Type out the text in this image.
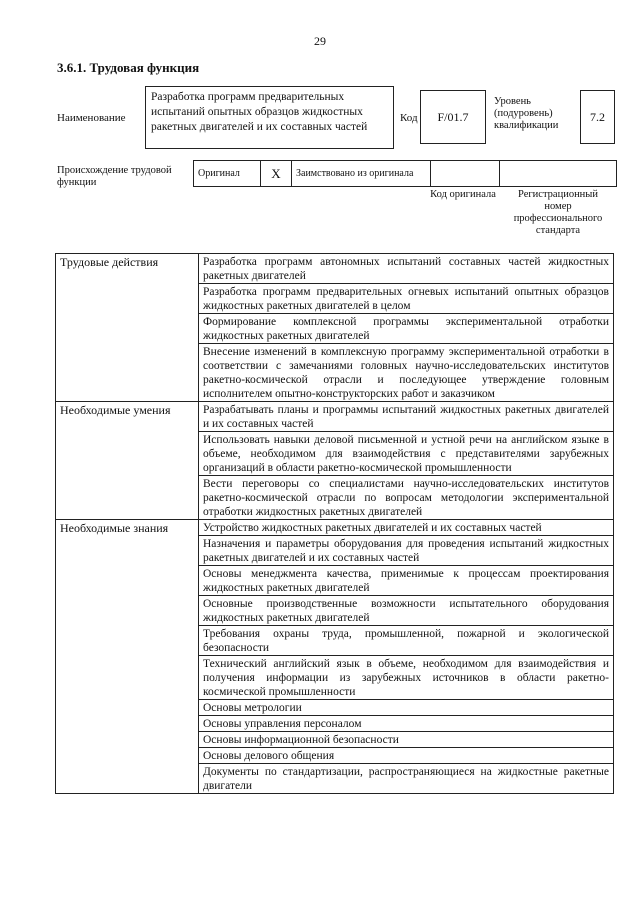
29
3.6.1. Трудовая функция
Наименование
Разработка программ предварительных испытаний опытных образцов жидкостных ракетных двигателей и их составных частей
Код	F/01.7
Уровень (подуровень) квалификации
7.2
Происхождение трудовой функции
Оригинал	X	Заимствовано из оригинала		
Код оригинала	Регистрационный номер профессионального стандарта
Трудовые действия	Разработка программ автономных испытаний составных частей жидкостных ракетных двигателей
	Разработка программ предварительных огневых испытаний опытных образцов жидкостных ракетных двигателей в целом
	Формирование комплексной программы экспериментальной отработки жидкостных ракетных двигателей
	Внесение изменений в комплексную программу экспериментальной отработки в соответствии с замечаниями головных научно-исследовательских институтов ракетно-космической отрасли и последующее утверждение головным исполнителем опытно-конструкторских работ и заказчиком
Необходимые умения	Разрабатывать планы и программы испытаний жидкостных ракетных двигателей и их составных частей
	Использовать навыки деловой письменной и устной речи на английском языке в объеме, необходимом для взаимодействия с представителями зарубежных организаций в области ракетно-космической промышленности
	Вести переговоры со специалистами научно-исследовательских институтов ракетно-космической отрасли по вопросам методологии экспериментальной отработки жидкостных ракетных двигателей
Необходимые знания	Устройство жидкостных ракетных двигателей и их составных частей
	Назначения и параметры оборудования для проведения испытаний жидкостных ракетных двигателей и их составных частей
	Основы менеджмента качества, применимые к процессам проектирования жидкостных ракетных двигателей
	Основные производственные возможности испытательного оборудования жидкостных ракетных двигателей
	Требования охраны труда, промышленной, пожарной и экологической безопасности
	Технический английский язык в объеме, необходимом для взаимодействия и получения информации из зарубежных источников в области ракетно-космической промышленности
	Основы метрологии
	Основы управления персоналом
	Основы информационной безопасности
	Основы делового общения
	Документы по стандартизации, распространяющиеся на жидкостные ракетные двигатели
